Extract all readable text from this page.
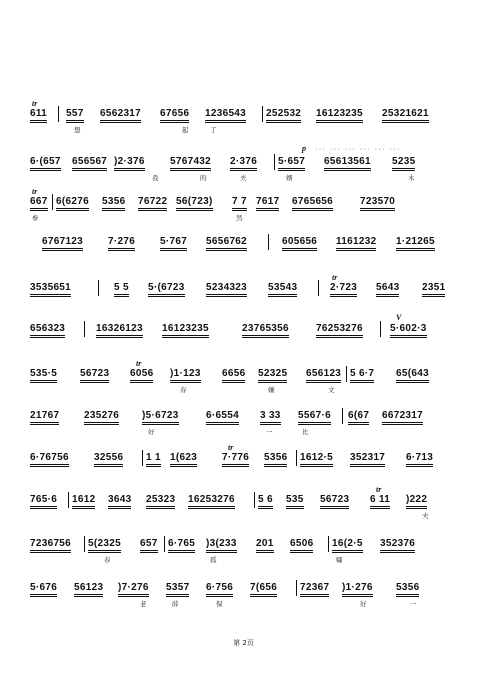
tr
611 557 6562317 67656 1236543 252532 16123235 25321621
想	起	了
p ··· ··· ··· ··· ··· ···
6·(657 656567 )2·376	5767432 2·376 5·657 65613561 5235
我	的	夫	婿	木
tr
667 6(6276 5356 76722 56(723) 7 7 7617 6765656	723570
参	然
6767123 7·276 5·767 5656762	605656 1161232 1·21265
3535651	5 5 5·(6723 5234323 53543
tr
2·723 5643 2351
V
656323	16326123 16123235	23765356	76253276	5·602·3
tr
535·5 56723 6056 )1·123 6656 52325 656123 5 6·7 65(643
春	嫌	文
21767 235276 )5·6723	6·6554 3 33 5567·6 6(67 6672317
好	一	比
tr
6·76756	32556 1 1 1(623 7·776 5356 1612·5 352317 6·713
tr
765·6 1612 3643 25323 16253276 5 6 535 56723 6 11 )222
夫
7236756 5(2325 657 6·765 )3(233 201 6506 16(2·5 352376
春	孤	孀
5·676 56123 )7·276 5357 6·756 7(656 72367 )1·276 5356
老	薛	保	好	一
第 2页
